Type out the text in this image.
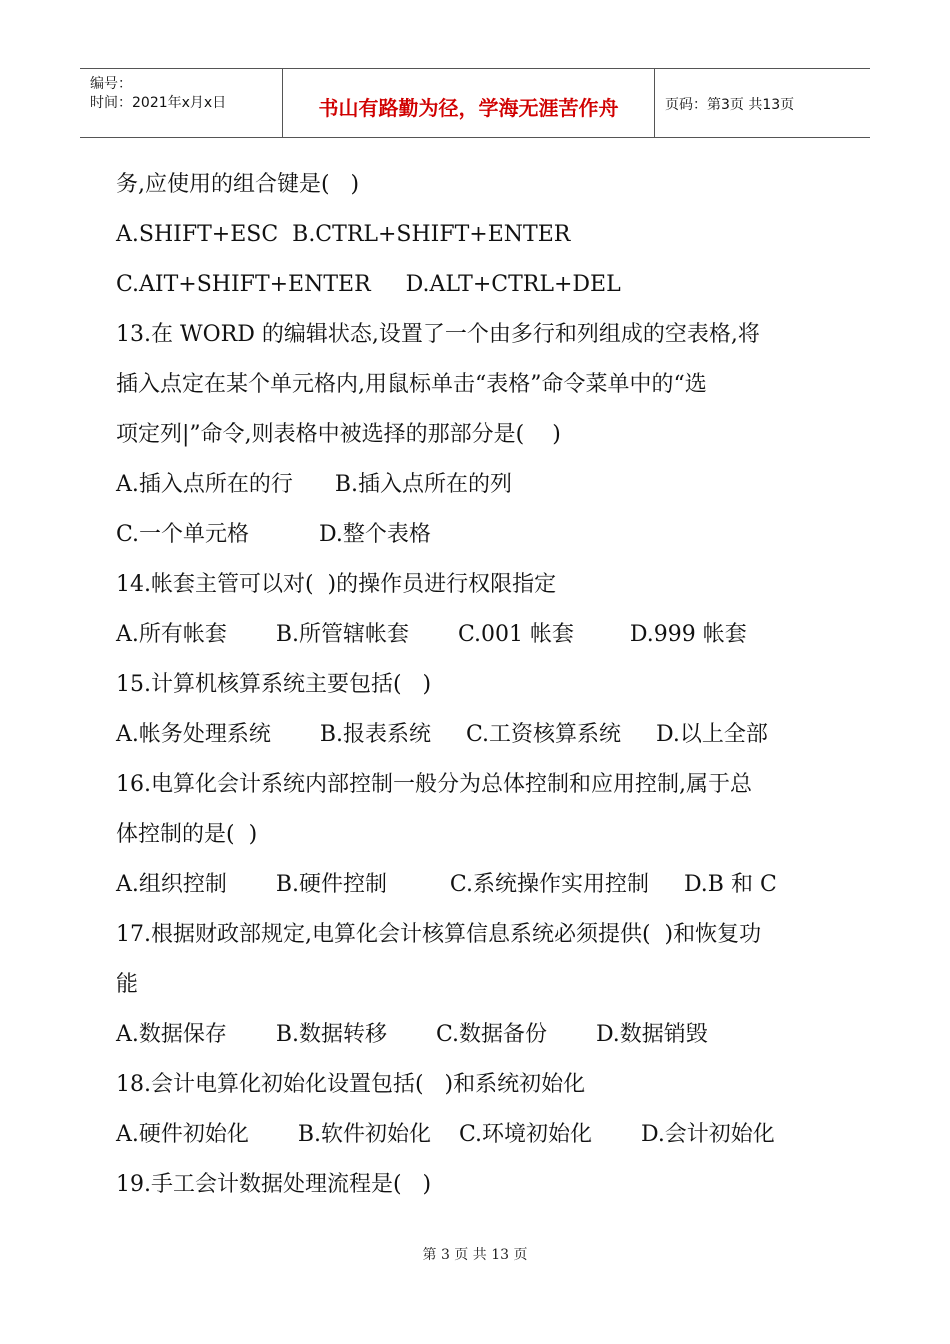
编号：
时间：2021年x月x日	书山有路勤为径，学海无涯苦作舟	页码：第3页 共13页
务,应使用的组合键是(   )
A.SHIFT+ESC  B.CTRL+SHIFT+ENTER
C.AIT+SHIFT+ENTER     D.ALT+CTRL+DEL
13.在 WORD 的编辑状态,设置了一个由多行和列组成的空表格,将
插入点定在某个单元格内,用鼠标单击“表格”命令菜单中的“选
项定列|”命令,则表格中被选择的那部分是(    )
A.插入点所在的行      B.插入点所在的列
C.一个单元格          D.整个表格
14.帐套主管可以对(  )的操作员进行权限指定
A.所有帐套       B.所管辖帐套       C.001 帐套        D.999 帐套
15.计算机核算系统主要包括(   )
A.帐务处理系统       B.报表系统     C.工资核算系统     D.以上全部
16.电算化会计系统内部控制一般分为总体控制和应用控制,属于总
体控制的是(  )
A.组织控制       B.硬件控制         C.系统操作实用控制     D.B 和 C
17.根据财政部规定,电算化会计核算信息系统必须提供(  )和恢复功
能
A.数据保存       B.数据转移       C.数据备份       D.数据销毁
18.会计电算化初始化设置包括(   )和系统初始化
A.硬件初始化       B.软件初始化    C.环境初始化       D.会计初始化
19.手工会计数据处理流程是(   )
第 3 页 共 13 页
